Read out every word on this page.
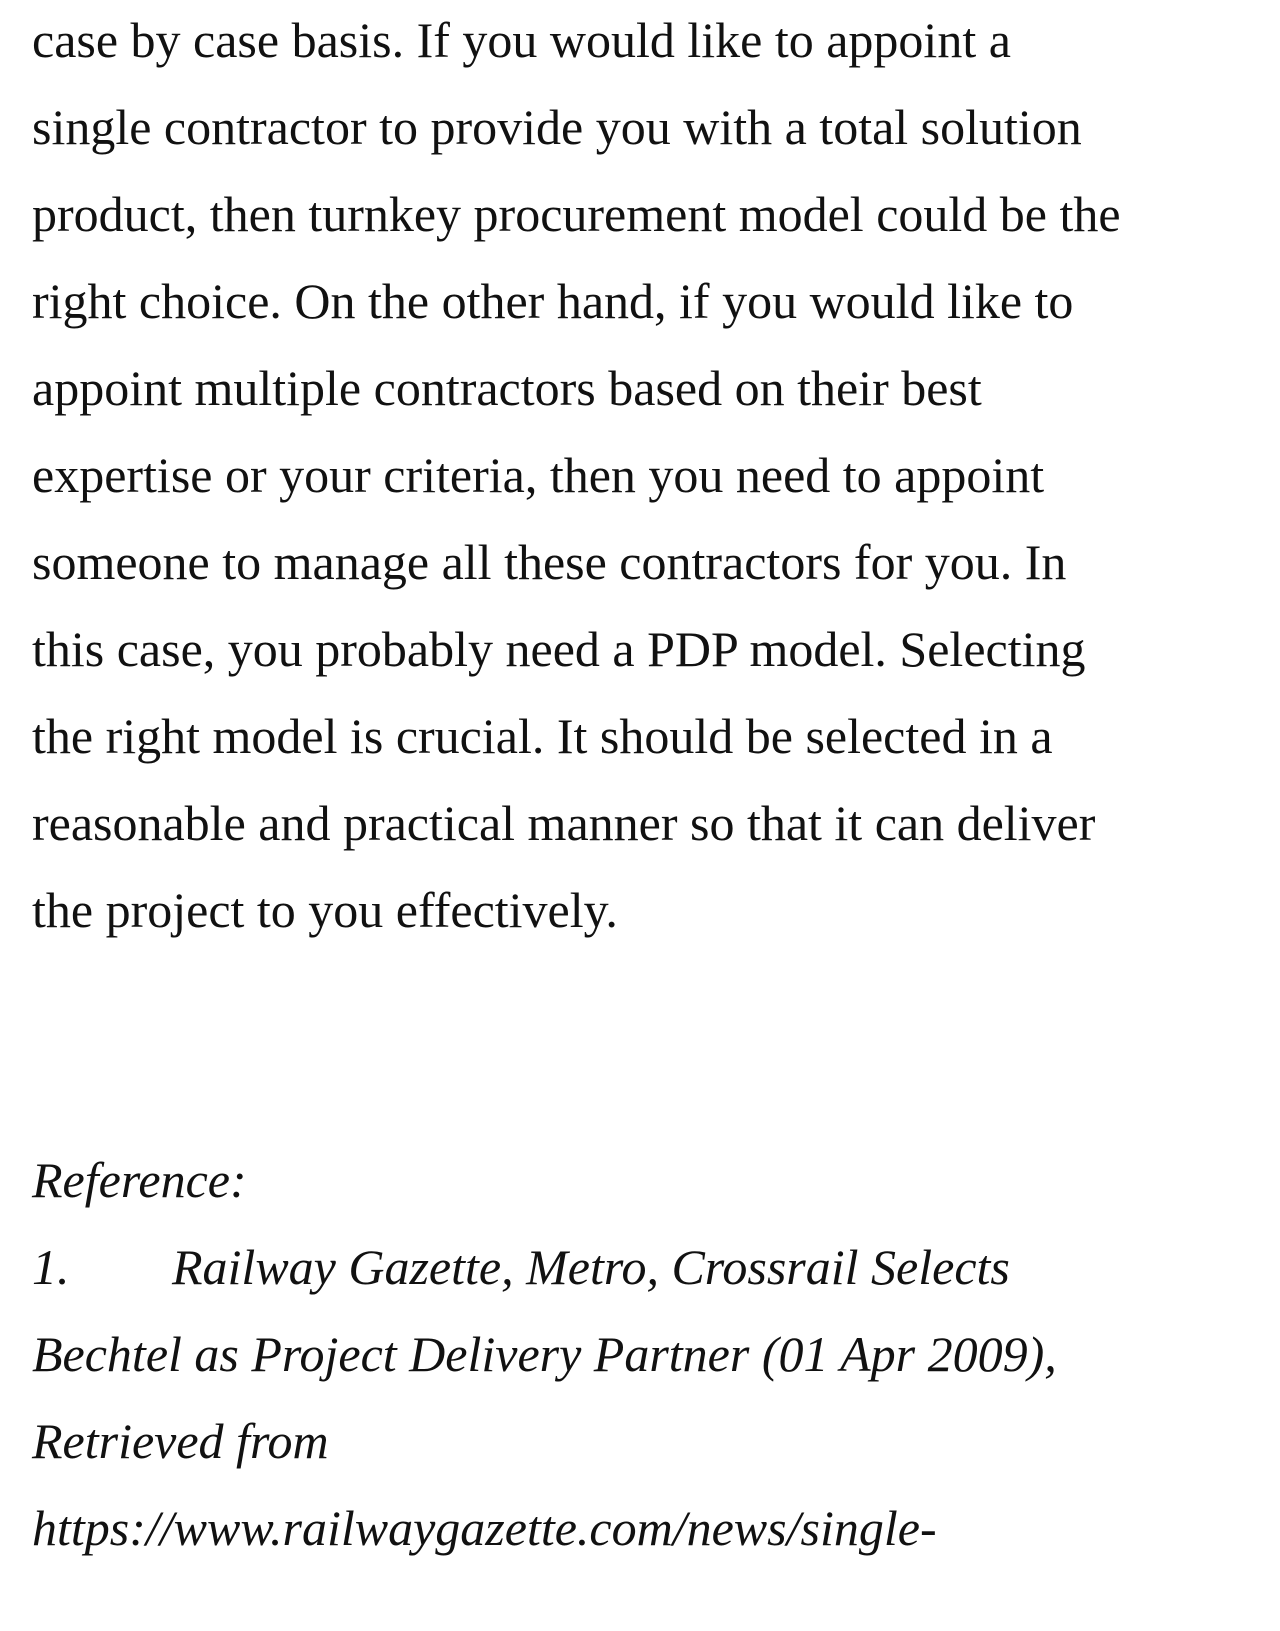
case by case basis. If you would like to appoint a
single contractor to provide you with a total solution
product, then turnkey procurement model could be the
right choice. On the other hand, if you would like to
appoint multiple contractors based on their best
expertise or your criteria, then you need to appoint
someone to manage all these contractors for you. In
this case, you probably need a PDP model. Selecting
the right model is crucial. It should be selected in a
reasonable and practical manner so that it can deliver
the project to you effectively.
Reference:
1. Railway Gazette, Metro, Crossrail Selects
Bechtel as Project Delivery Partner (01 Apr 2009),
Retrieved from
https://www.railwaygazette.com/news/single-
